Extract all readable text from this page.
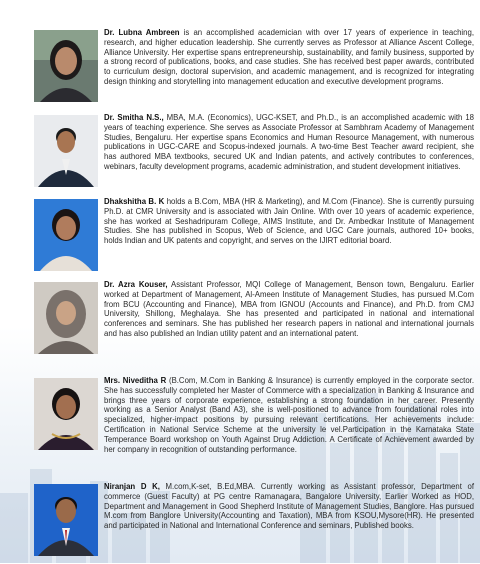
Dr. Lubna Ambreen is an accomplished academician with over 17 years of experience in teaching, research, and higher education leadership. She currently serves as Professor at Alliance Ascent College, Alliance University. Her expertise spans entrepreneurship, sustainability, and family business, supported by a strong record of publications, books, and case studies. She has received best paper awards, contributed to curriculum design, doctoral supervision, and academic management, and is recognized for integrating design thinking and storytelling into management education and executive development programs.

Dr. Smitha N.S., MBA, M.A. (Economics), UGC-KSET, and Ph.D., is an accomplished academic with 18 years of teaching experience. She serves as Associate Professor at Sambhram Academy of Management Studies, Bengaluru. Her expertise spans Economics and Human Resource Management, with numerous publications in UGC-CARE and Scopus-indexed journals. A two-time Best Teacher award recipient, she has authored MBA textbooks, secured UK and Indian patents, and actively contributes to conferences, webinars, faculty development programs, academic administration, and student development initiatives.

Dhakshitha B. K holds a B.Com, MBA (HR & Marketing), and M.Com (Finance). She is currently pursuing Ph.D. at CMR University and is associated with Jain Online. With over 10 years of academic experience, she has worked at Seshadripuram College, AIMS Institute, and Dr. Ambedkar Institute of Management Studies. She has published in Scopus, Web of Science, and UGC Care journals, authored 10+ books, holds Indian and UK patents and copyright, and serves on the IJIRT editorial board.

Dr. Azra Kouser, Assistant Professor, MQI College of Management, Benson town, Bengaluru. Earlier worked at Department of Management, Al-Ameen Institute of Management Studies, has pursued M.Com from BCU (Accounting and Finance), MBA from IGNOU (Accounts and Finance), and Ph.D. from CMJ University, Shillong, Meghalaya. She has presented and participated in national and international conferences and seminars. She has published her research papers in national and international journals and has also published an Indian utility patent and an international patent.

Mrs. Niveditha R (B.Com, M.Com in Banking & Insurance) is currently employed in the corporate sector. She has successfully completed her Master of Commerce with a specialization in Banking & Insurance and brings three years of corporate experience, establishing a strong foundation in her career. Presently working as a Senior Analyst (Band A3), she is well-positioned to advance from foundational roles into specialized, higher-impact positions by pursuing relevant certifications. Her achievements include: Certification in National Service Scheme at the university le vel.Participation in the Karnataka State Temperance Board workshop on Youth Against Drug Addiction. A Certificate of Achievement awarded by her company in recognition of outstanding performance.

Niranjan D K, M.com,K-set, B.Ed,MBA. Currently working as Assistant professor, Department of commerce (Guest Faculty) at PG centre Ramanagara, Bangalore University, Earlier Worked as HOD, Department and Management in Good Shepherd Institute of Management Studies, Banglore. Has pursued M.com from Banglore University(Accounting and Taxation), MBA from KSOU,Mysore(HR). He presented and participated in National and International Conference and seminars, Published books.
